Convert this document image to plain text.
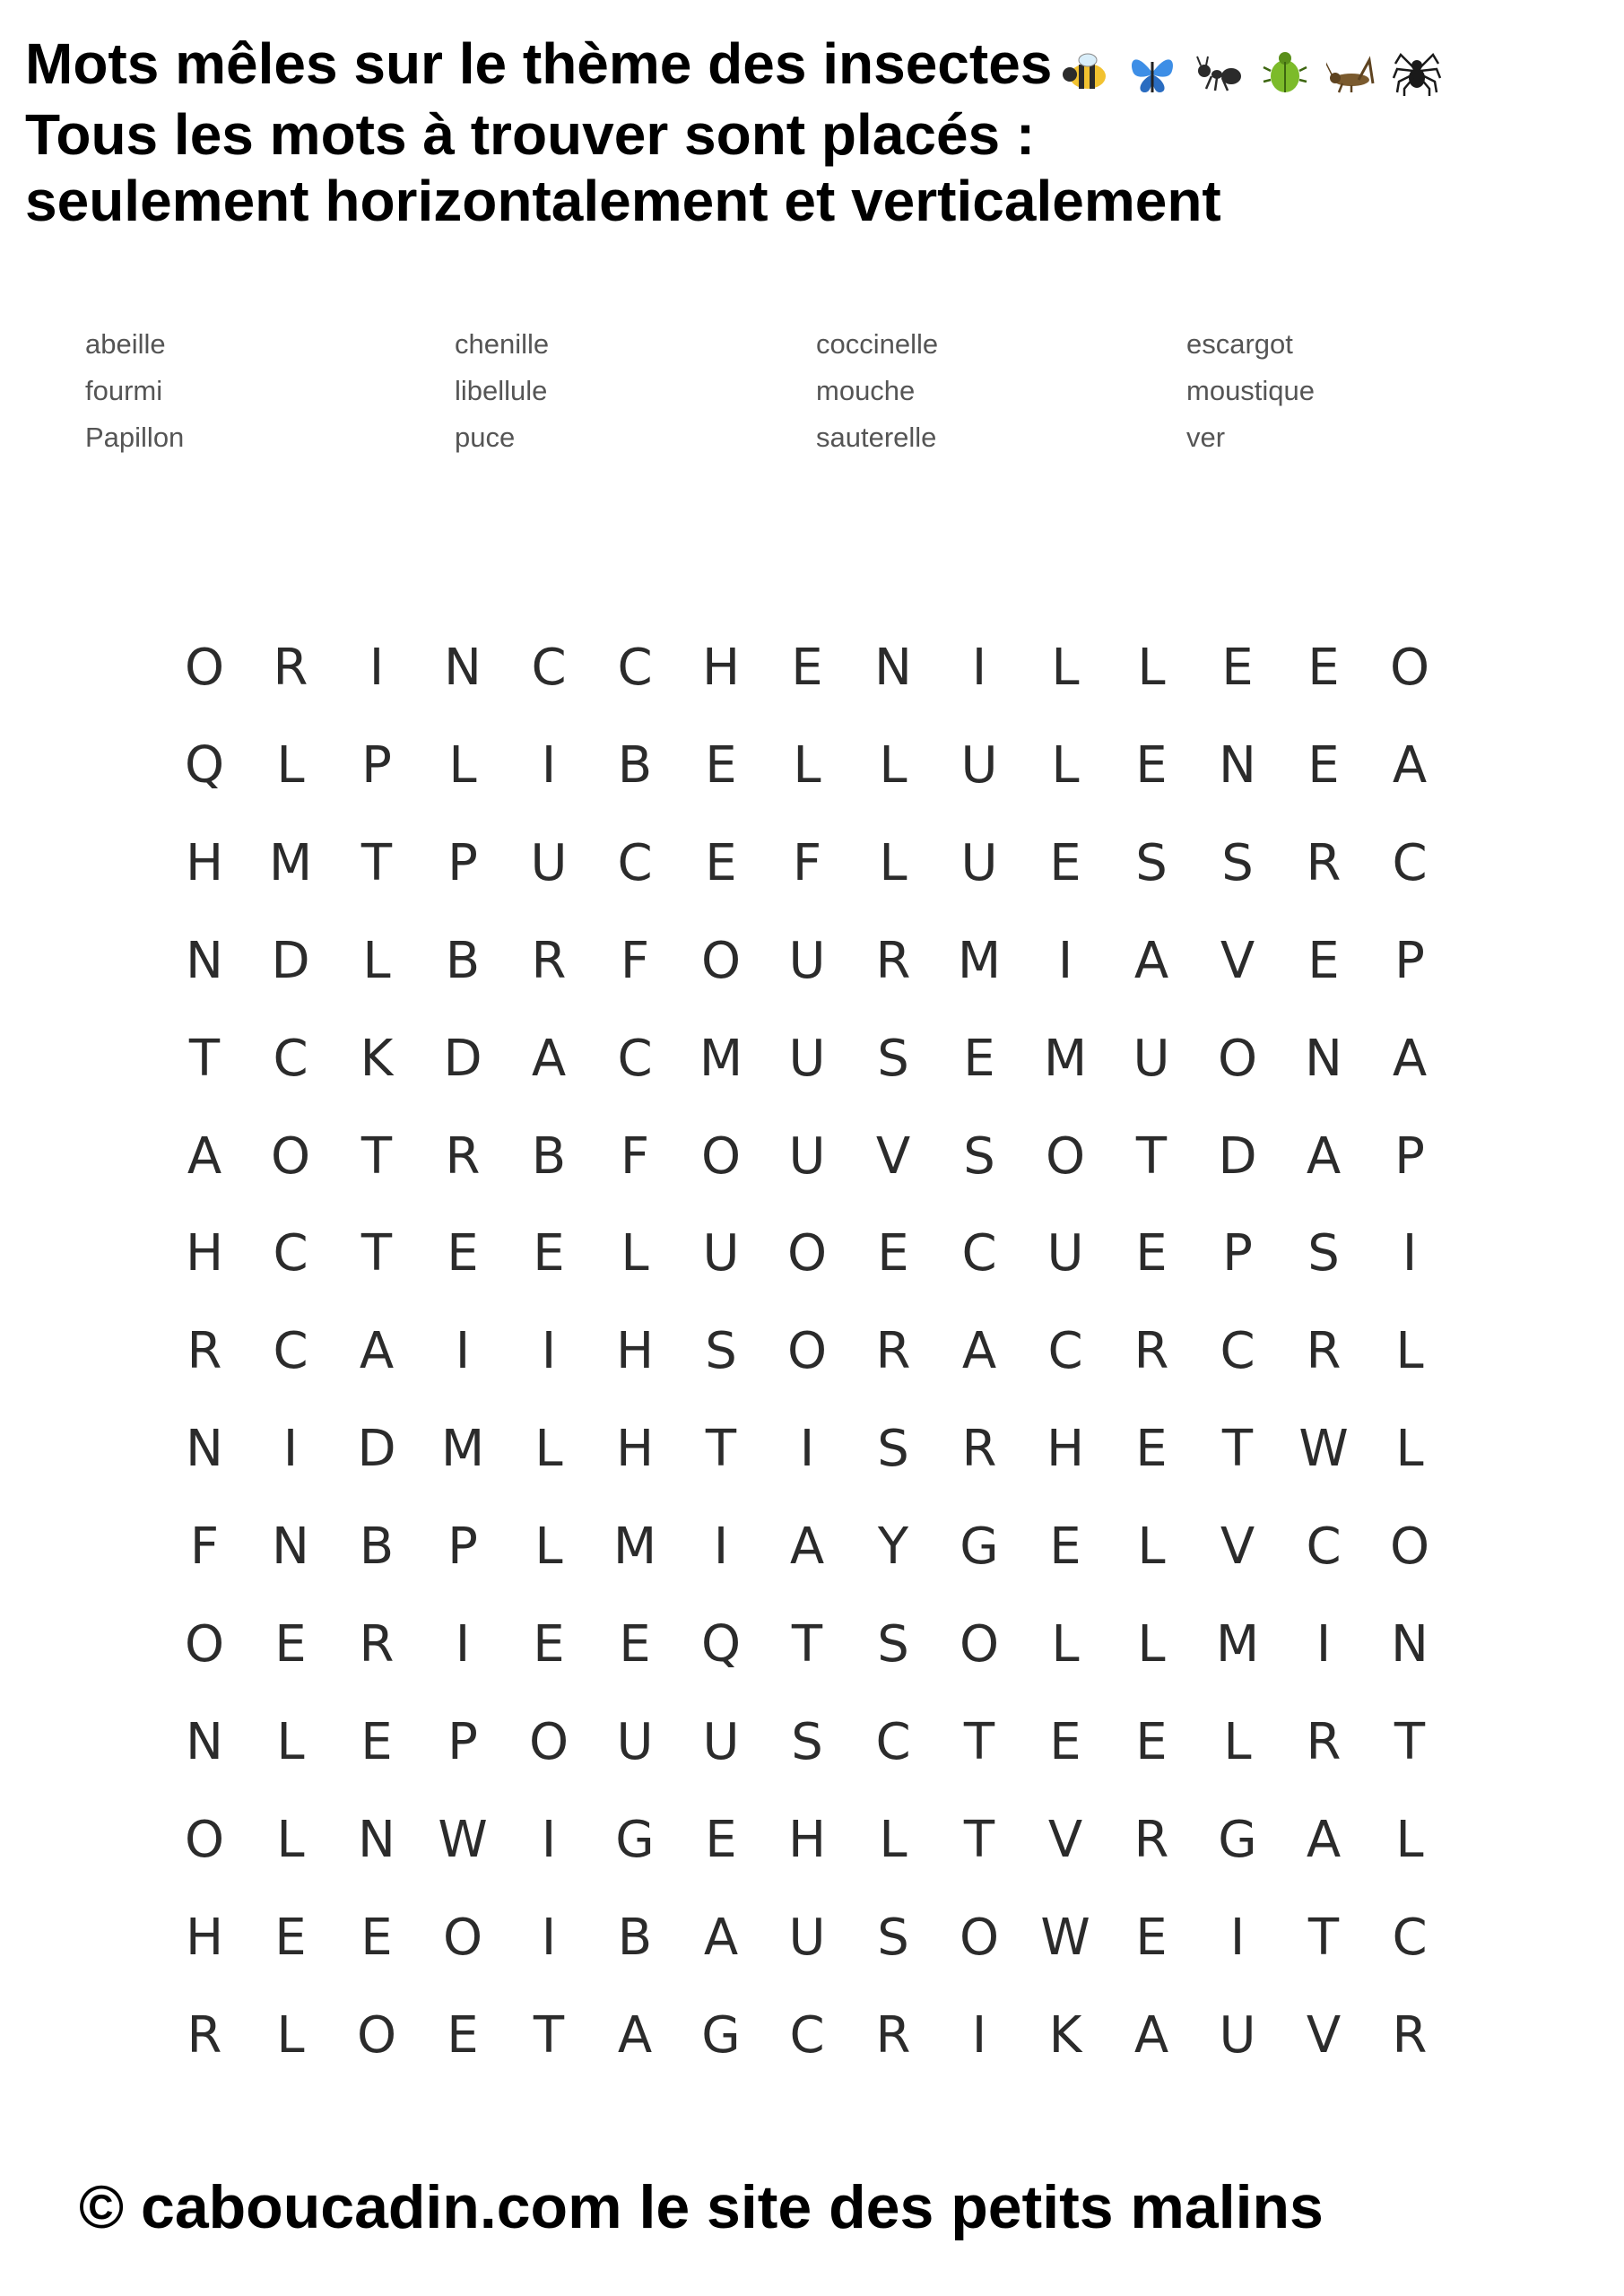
Mots mêles sur le thème des insectes
Tous les mots à trouver sont placés :
seulement horizontalement et verticalement
abeille
fourmi
Papillon
chenille
libellule
puce
coccinelle
mouche
sauterelle
escargot
moustique
ver
O R	I	N C	C H	E	N	I	L	L	E	E	O
Q	L	P	L	I	B	E	L	L	U	L	E	N	E	A
H M T	P	U C	E	F	L	U	E	S	S	R	C
N D	L	B	R	F	O U	R M	I	A	V	E	P
T	C	K	D A	C M U	S	E M U O N A
A O	T	R	B	F	O U	V	S	O	T	D A	P
H C	T	E	E	L	U O	E	C U	E	P	S	I
R	C	A	I	I	H	S	O R	A	C	R	C	R	L
N	I	D M	L	H	T	I	S	R H	E	T W L
F	N B	P	L	M	I	A	Y	G	E	L	V	C O
O	E	R	I	E	E	Q	T	S	O	L	L	M	I	N
N	L	E	P	O U U	S	C	T	E	E	L	R	T
O	L	N W	I	G	E	H	L	T	V	R G A	L
H	E	E	O	I	B	A	U	S	O W E	I	T	C
R	L	O	E	T	A G C	R	I	K	A	U	V	R
© caboucadin.com le site des petits malins
